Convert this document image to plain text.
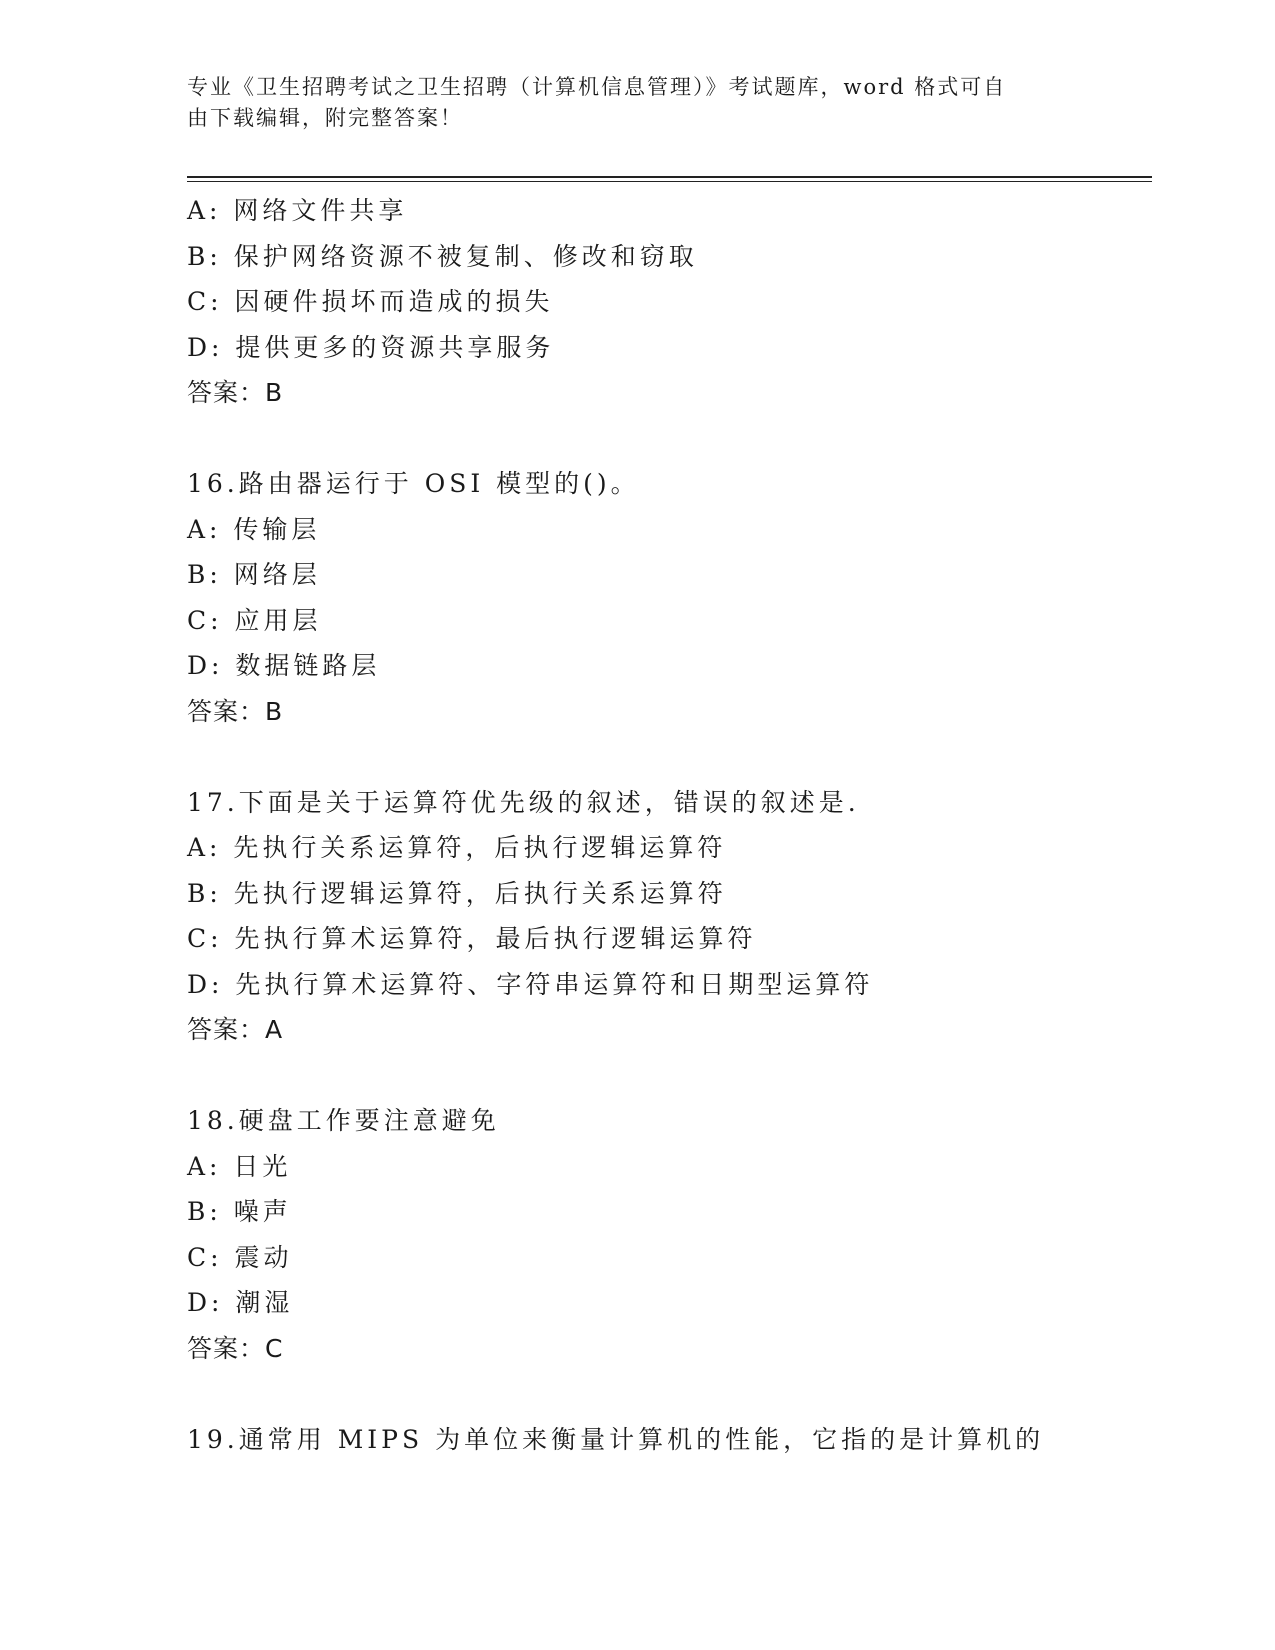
专业《卫生招聘考试之卫生招聘（计算机信息管理）》考试题库，word 格式可自
由下载编辑，附完整答案！
A: 网络文件共享
B: 保护网络资源不被复制、修改和窃取
C: 因硬件损坏而造成的损失
D: 提供更多的资源共享服务
答案：B
16.路由器运行于 OSI 模型的()。
A: 传输层
B: 网络层
C: 应用层
D: 数据链路层
答案：B
17.下面是关于运算符优先级的叙述，错误的叙述是.
A: 先执行关系运算符，后执行逻辑运算符
B: 先执行逻辑运算符，后执行关系运算符
C: 先执行算术运算符，最后执行逻辑运算符
D: 先执行算术运算符、字符串运算符和日期型运算符
答案：A
18.硬盘工作要注意避免
A: 日光
B: 噪声
C: 震动
D: 潮湿
答案：C
19.通常用 MIPS 为单位来衡量计算机的性能，它指的是计算机的
